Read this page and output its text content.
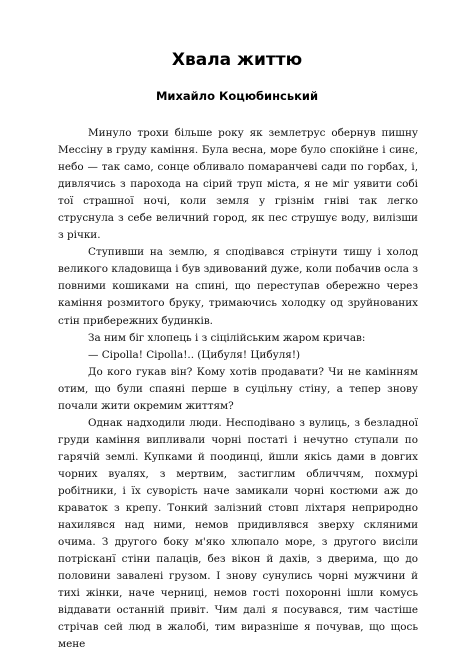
Хвала життю
Михайло Коцюбинський

Минуло трохи більше року як землетрус обернув пишну Мессіну в груду каміння. Була весна, море було спокійне і синє, небо — так само, сонце обливало помаранчеві сади по горбах, і, дивлячись з парохода на сірий труп міста, я не міг уявити собі тої страшної ночі, коли земля у грізнім гніві так легко струснула з себе величний город, як пес струшує воду, вилізши з річки.

Ступивши на землю, я сподівався стрінути тишу і холод великого кладовища і був здивований дуже, коли побачив осла з повними кошиками на спині, що переступав обережно через каміння розмитого бруку, тримаючись холодку од зруйнованих стін прибережних будинків.

За ним біг хлопець і з сіцілійським жаром кричав:

— Cipolla! Cipolla!.. (Цибуля! Цибуля!)

До кого гукав він? Кому хотів продавати? Чи не камінням отим, що були спаяні перше в суцільну стіну, а тепер знову почали жити окремим життям?

Однак надходили люди. Несподівано з вулиць, з безладної груди каміння випливали чорні постаті і нечутно ступали по гарячій землі. Купками й поодинці, йшли якісь дами в довгих чорних вуалях, з мертвим, застиглим обличчям, похмурі робітники, і їх суворість наче замикали чорні костюми аж до краваток з крепу. Тонкий залізний стовп ліхтаря неприродно нахилявся над ними, немов придивлявся зверху скляними очима. З другого боку м'яко хлюпало море, з другого висіли потрісканї стіни палаців, без вікон й дахів, з дверима, що до половини завалені грузом. І знову сунулись чорні мужчини й тихі жінки, наче черниці, немов гості похоронні ішли комусь віддавати останній привіт. Чим далі я посувався, тим частіше стрічав сей люд в жалобі, тим виразніше я почував, що щось мене
